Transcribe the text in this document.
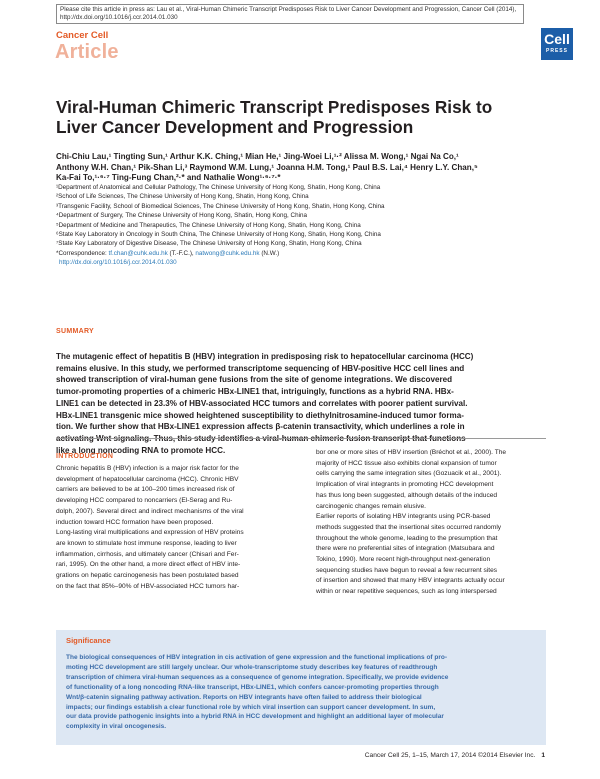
Please cite this article in press as: Lau et al., Viral-Human Chimeric Transcript Predisposes Risk to Liver Cancer Development and Progression, Cancer Cell (2014), http://dx.doi.org/10.1016/j.ccr.2014.01.030
Cancer Cell
Article
Cell
PRESS
Viral-Human Chimeric Transcript Predisposes Risk to Liver Cancer Development and Progression
Chi-Chiu Lau,¹ Tingting Sun,¹ Arthur K.K. Ching,¹ Mian He,¹ Jing-Woei Li,¹·² Alissa M. Wong,¹ Ngai Na Co,¹
Anthony W.H. Chan,¹ Pik-Shan Li,³ Raymond W.M. Lung,¹ Joanna H.M. Tong,¹ Paul B.S. Lai,⁴ Henry L.Y. Chan,⁵
Ka-Fai To,¹·⁶·⁷ Ting-Fung Chan,²·* and Nathalie Wong¹·⁶·⁷·*
¹Department of Anatomical and Cellular Pathology, The Chinese University of Hong Kong, Shatin, Hong Kong, China
²School of Life Sciences, The Chinese University of Hong Kong, Shatin, Hong Kong, China
³Transgenic Facility, School of Biomedical Sciences, The Chinese University of Hong Kong, Shatin, Hong Kong, China
⁴Department of Surgery, The Chinese University of Hong Kong, Shatin, Hong Kong, China
⁵Department of Medicine and Therapeutics, The Chinese University of Hong Kong, Shatin, Hong Kong, China
⁶State Key Laboratory in Oncology in South China, The Chinese University of Hong Kong, Shatin, Hong Kong, China
⁷State Key Laboratory of Digestive Disease, The Chinese University of Hong Kong, Shatin, Hong Kong, China
*Correspondence: tf.chan@cuhk.edu.hk (T.-F.C.), natwong@cuhk.edu.hk (N.W.)
http://dx.doi.org/10.1016/j.ccr.2014.01.030
SUMMARY
The mutagenic effect of hepatitis B (HBV) integration in predisposing risk to hepatocellular carcinoma (HCC)
remains elusive. In this study, we performed transcriptome sequencing of HBV-positive HCC cell lines and
showed transcription of viral-human gene fusions from the site of genome integrations. We discovered
tumor-promoting properties of a chimeric HBx-LINE1 that, intriguingly, functions as a hybrid RNA. HBx-
LINE1 can be detected in 23.3% of HBV-associated HCC tumors and correlates with poorer patient survival.
HBx-LINE1 transgenic mice showed heightened susceptibility to diethylnitrosamine-induced tumor forma-
tion. We further show that HBx-LINE1 expression affects β-catenin transactivity, which underlines a role in
activating Wnt signaling. Thus, this study identifies a viral-human chimeric fusion transcript that functions
like a long noncoding RNA to promote HCC.
INTRODUCTION
Chronic hepatitis B (HBV) infection is a major risk factor for the
development of hepatocellular carcinoma (HCC). Chronic HBV
carriers are believed to be at 100–200 times increased risk of
developing HCC compared to noncarriers (El-Serag and Ru-
dolph, 2007). Several direct and indirect mechanisms of the viral
induction toward HCC formation have been proposed.
Long-lasting viral multiplications and expression of HBV proteins
are known to stimulate host immune response, leading to liver
inflammation, cirrhosis, and ultimately cancer (Chisari and Fer-
rari, 1995). On the other hand, a more direct effect of HBV inte-
grations on hepatic carcinogenesis has been postulated based
on the fact that 85%–90% of HBV-associated HCC tumors har-
bor one or more sites of HBV insertion (Bréchot et al., 2000). The
majority of HCC tissue also exhibits clonal expansion of tumor
cells carrying the same integration sites (Gozuacik et al., 2001).
Implication of viral integrants in promoting HCC development
has thus long been suggested, although details of the induced
carcinogenic changes remain elusive.
Earlier reports of isolating HBV integrants using PCR-based
methods suggested that the insertional sites occurred randomly
throughout the whole genome, leading to the presumption that
there were no preferential sites of integration (Matsubara and
Tokino, 1990). More recent high-throughput next-generation
sequencing studies have begun to reveal a few recurrent sites
of insertion and showed that many HBV integrants actually occur
within or near repetitive sequences, such as long interspersed
Significance
The biological consequences of HBV integration in cis activation of gene expression and the functional implications of pro-
moting HCC development are still largely unclear. Our whole-transcriptome study describes key features of readthrough
transcription of chimera viral-human sequences as a consequence of genome integration. Specifically, we provide evidence
of functionality of a long noncoding RNA-like transcript, HBx-LINE1, which confers cancer-promoting properties through
Wnt/β-catenin signaling pathway activation. Reports on HBV integrants have often failed to address their biological
impacts; our findings establish a clear functional role by which viral insertion can support cancer development. In sum,
our data provide pathogenic insights into a hybrid RNA in HCC development and highlight an additional layer of molecular
complexity in viral oncogenesis.
Cancer Cell 25, 1–15, March 17, 2014 ©2014 Elsevier Inc. 1
